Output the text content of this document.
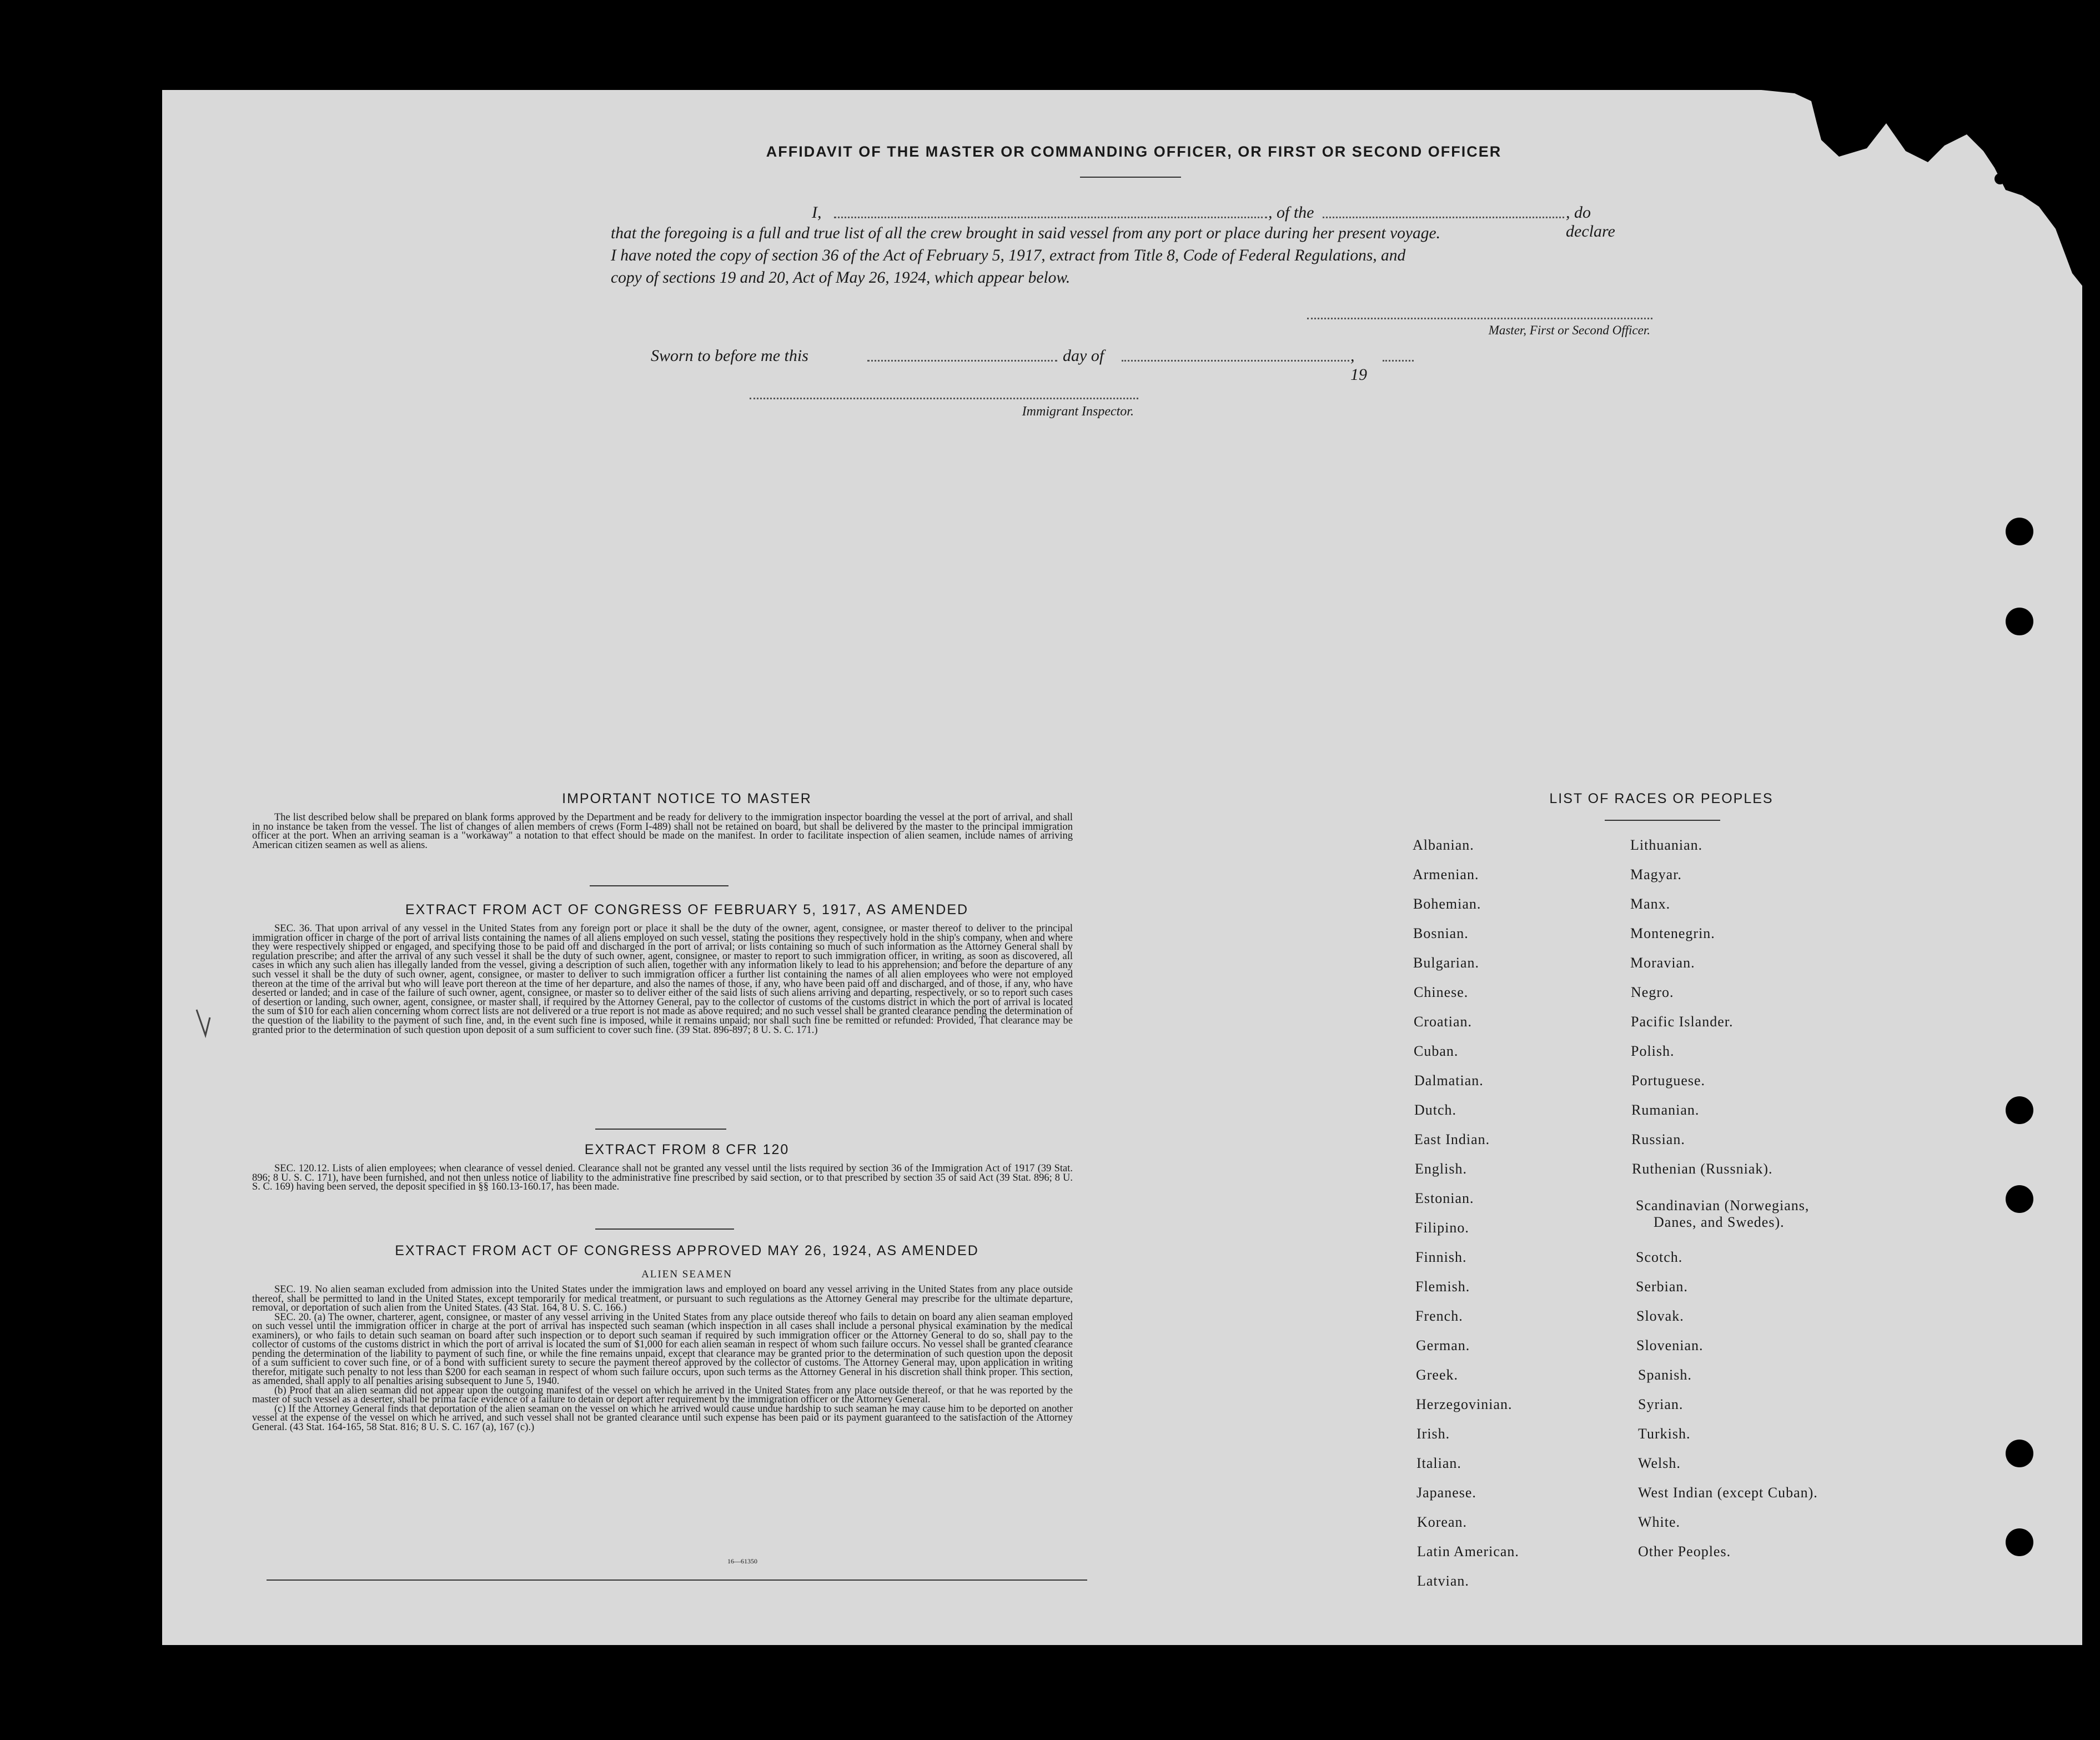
AFFIDAVIT OF THE MASTER OR COMMANDING OFFICER, OR FIRST OR SECOND OFFICER
I,	, of the	, do declare
that the foregoing is a full and true list of all the crew brought in said vessel from any port or place during her present voyage.
I have noted the copy of section 36 of the Act of February 5, 1917, extract from Title 8, Code of Federal Regulations, and
copy of sections 19 and 20, Act of May 26, 1924, which appear below.
Master, First or Second Officer.
Sworn to before me this	day of	, 19
Immigrant Inspector.
IMPORTANT NOTICE TO MASTER
The list described below shall be prepared on blank forms approved by the Department and be ready for delivery to the immigration inspector boarding the vessel at the port of arrival, and shall in no instance be taken from the vessel. The list of changes of alien members of crews (Form I-489) shall not be retained on board, but shall be delivered by the master to the principal immigration officer at the port. When an arriving seaman is a "workaway" a notation to that effect should be made on the manifest. In order to facilitate inspection of alien seamen, include names of arriving American citizen seamen as well as aliens.
EXTRACT FROM ACT OF CONGRESS OF FEBRUARY 5, 1917, AS AMENDED
SEC. 36. That upon arrival of any vessel in the United States from any foreign port or place it shall be the duty of the owner, agent, consignee, or master thereof to deliver to the principal immigration officer in charge of the port of arrival lists containing the names of all aliens employed on such vessel, stating the positions they respectively hold in the ship's company, when and where they were respectively shipped or engaged, and specifying those to be paid off and discharged in the port of arrival; or lists containing so much of such information as the Attorney General shall by regulation prescribe; and after the arrival of any such vessel it shall be the duty of such owner, agent, consignee, or master to report to such immigration officer, in writing, as soon as discovered, all cases in which any such alien has illegally landed from the vessel, giving a description of such alien, together with any information likely to lead to his apprehension; and before the departure of any such vessel it shall be the duty of such owner, agent, consignee, or master to deliver to such immigration officer a further list containing the names of all alien employees who were not employed thereon at the time of the arrival but who will leave port thereon at the time of her departure, and also the names of those, if any, who have been paid off and discharged, and of those, if any, who have deserted or landed; and in case of the failure of such owner, agent, consignee, or master so to deliver either of the said lists of such aliens arriving and departing, respectively, or so to report such cases of desertion or landing, such owner, agent, consignee, or master shall, if required by the Attorney General, pay to the collector of customs of the customs district in which the port of arrival is located the sum of $10 for each alien concerning whom correct lists are not delivered or a true report is not made as above required; and no such vessel shall be granted clearance pending the determination of the question of the liability to the payment of such fine, and, in the event such fine is imposed, while it remains unpaid; nor shall such fine be remitted or refunded: Provided, That clearance may be granted prior to the determination of such question upon deposit of a sum sufficient to cover such fine. (39 Stat. 896-897; 8 U. S. C. 171.)
EXTRACT FROM 8 CFR 120
SEC. 120.12. Lists of alien employees; when clearance of vessel denied. Clearance shall not be granted any vessel until the lists required by section 36 of the Immigration Act of 1917 (39 Stat. 896; 8 U. S. C. 171), have been furnished, and not then unless notice of liability to the administrative fine prescribed by said section, or to that prescribed by section 35 of said Act (39 Stat. 896; 8 U. S. C. 169) having been served, the deposit specified in §§ 160.13-160.17, has been made.
EXTRACT FROM ACT OF CONGRESS APPROVED MAY 26, 1924, AS AMENDED
ALIEN SEAMEN
SEC. 19. No alien seaman excluded from admission into the United States under the immigration laws and employed on board any vessel arriving in the United States from any place outside thereof, shall be permitted to land in the United States, except temporarily for medical treatment, or pursuant to such regulations as the Attorney General may prescribe for the ultimate departure, removal, or deportation of such alien from the United States. (43 Stat. 164, 8 U. S. C. 166.)
SEC. 20. (a) The owner, charterer, agent, consignee, or master of any vessel arriving in the United States from any place outside thereof who fails to detain on board any alien seaman employed on such vessel until the immigration officer in charge at the port of arrival has inspected such seaman (which inspection in all cases shall include a personal physical examination by the medical examiners), or who fails to detain such seaman on board after such inspection or to deport such seaman if required by such immigration officer or the Attorney General to do so, shall pay to the collector of customs of the customs district in which the port of arrival is located the sum of $1,000 for each alien seaman in respect of whom such failure occurs. No vessel shall be granted clearance pending the determination of the liability to payment of such fine, or while the fine remains unpaid, except that clearance may be granted prior to the determination of such question upon the deposit of a sum sufficient to cover such fine, or of a bond with sufficient surety to secure the payment thereof approved by the collector of customs. The Attorney General may, upon application in writing therefor, mitigate such penalty to not less than $200 for each seaman in respect of whom such failure occurs, upon such terms as the Attorney General in his discretion shall think proper. This section, as amended, shall apply to all penalties arising subsequent to June 5, 1940.
(b) Proof that an alien seaman did not appear upon the outgoing manifest of the vessel on which he arrived in the United States from any place outside thereof, or that he was reported by the master of such vessel as a deserter, shall be prima facie evidence of a failure to detain or deport after requirement by the immigration officer or the Attorney General.
(c) If the Attorney General finds that deportation of the alien seaman on the vessel on which he arrived would cause undue hardship to such seaman he may cause him to be deported on another vessel at the expense of the vessel on which he arrived, and such vessel shall not be granted clearance until such expense has been paid or its payment guaranteed to the satisfaction of the Attorney General. (43 Stat. 164-165, 58 Stat. 816; 8 U. S. C. 167 (a), 167 (c).)
16—61350
LIST OF RACES OR PEOPLES
Albanian.
Armenian.
Bohemian.
Bosnian.
Bulgarian.
Chinese.
Croatian.
Cuban.
Dalmatian.
Dutch.
East Indian.
English.
Estonian.
Filipino.
Finnish.
Flemish.
French.
German.
Greek.
Herzegovinian.
Irish.
Italian.
Japanese.
Korean.
Latin American.
Latvian.
Lithuanian.
Magyar.
Manx.
Montenegrin.
Moravian.
Negro.
Pacific Islander.
Polish.
Portuguese.
Rumanian.
Russian.
Ruthenian (Russniak).
Scandinavian (Norwegians,
Danes, and Swedes).
Scotch.
Serbian.
Slovak.
Slovenian.
Spanish.
Syrian.
Turkish.
Welsh.
West Indian (except Cuban).
White.
Other Peoples.
